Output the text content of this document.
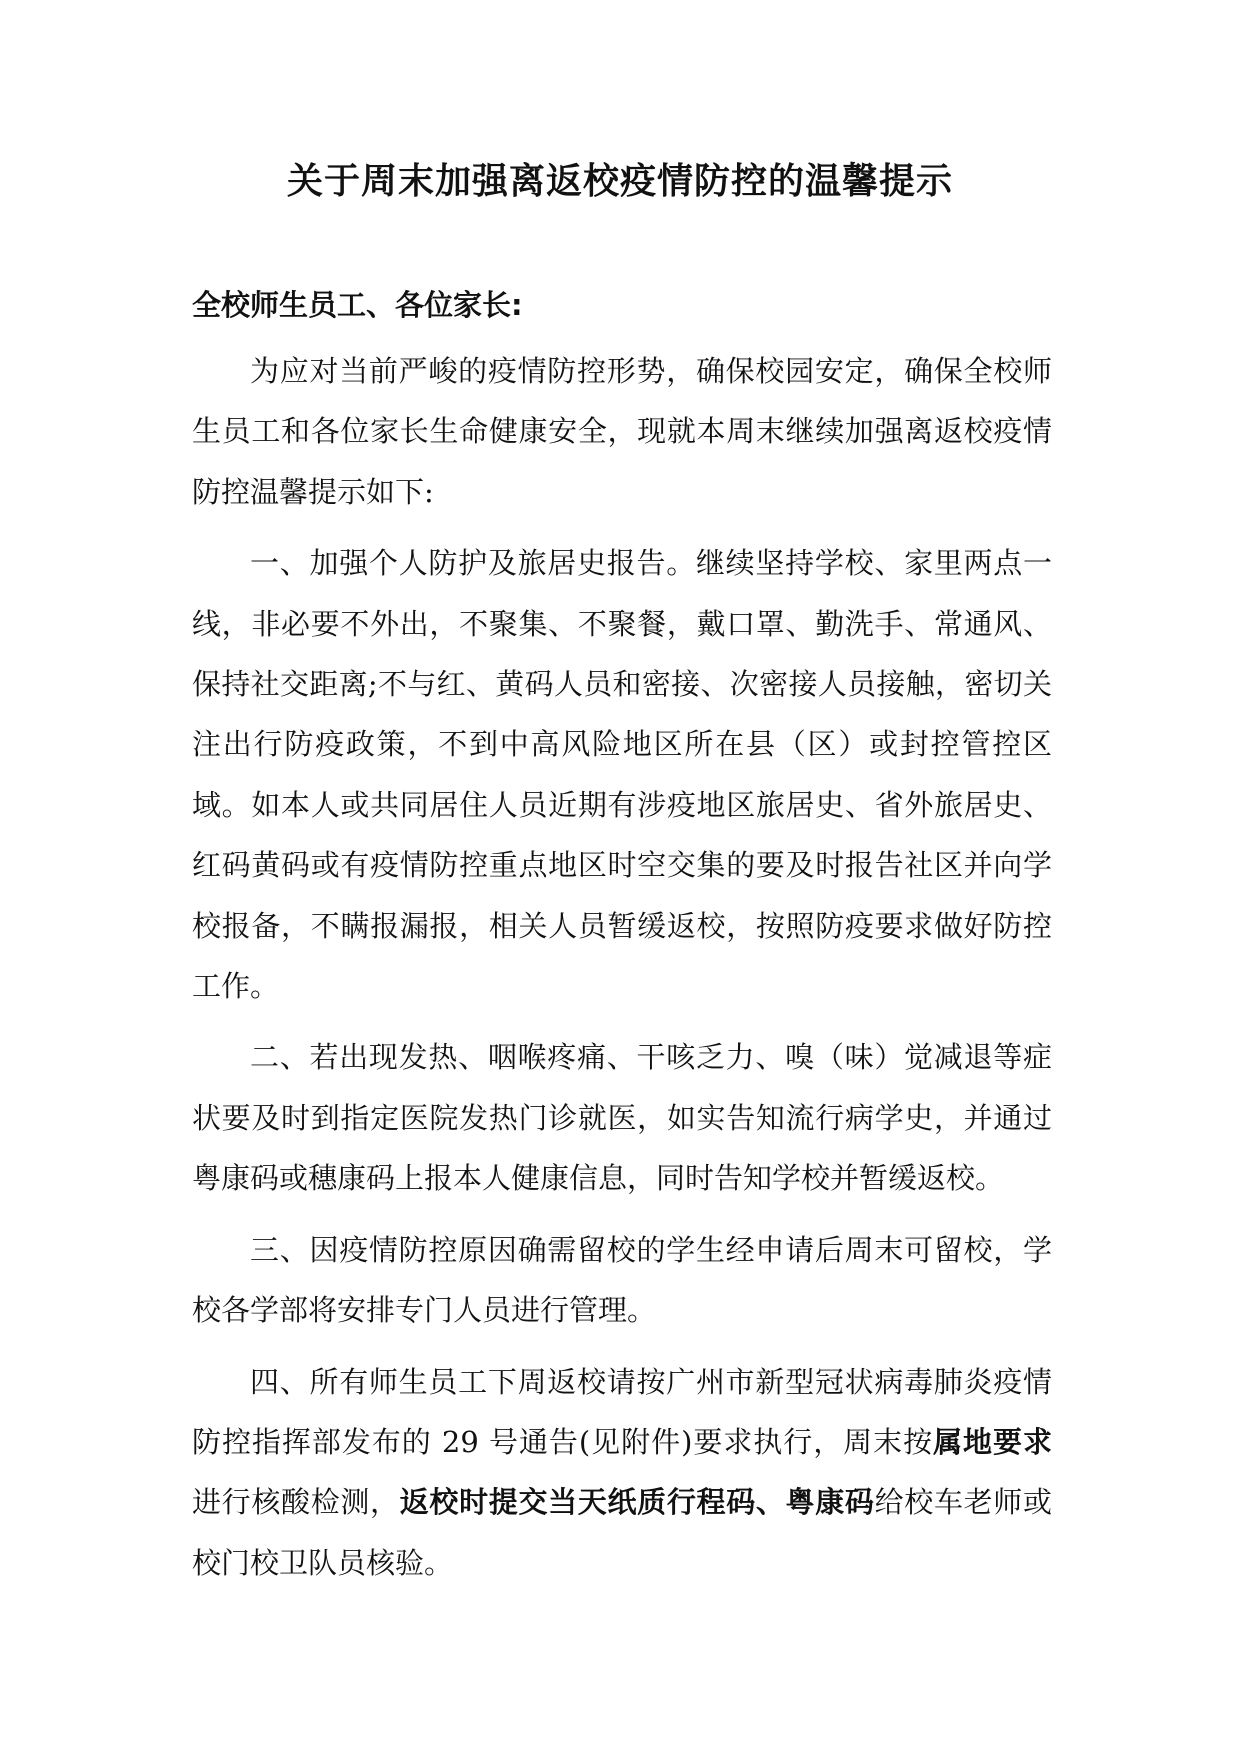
关于周末加强离返校疫情防控的温馨提示
全校师生员工、各位家长:

为应对当前严峻的疫情防控形势，确保校园安定，确保全校师生员工和各位家长生命健康安全，现就本周末继续加强离返校疫情防控温馨提示如下:

一、加强个人防护及旅居史报告。继续坚持学校、家里两点一线，非必要不外出，不聚集、不聚餐，戴口罩、勤洗手、常通风、保持社交距离;不与红、黄码人员和密接、次密接人员接触，密切关注出行防疫政策，不到中高风险地区所在县（区）或封控管控区域。如本人或共同居住人员近期有涉疫地区旅居史、省外旅居史、红码黄码或有疫情防控重点地区时空交集的要及时报告社区并向学校报备，不瞒报漏报，相关人员暂缓返校，按照防疫要求做好防控工作。

二、若出现发热、咽喉疼痛、干咳乏力、嗅（味）觉减退等症状要及时到指定医院发热门诊就医，如实告知流行病学史，并通过粤康码或穗康码上报本人健康信息，同时告知学校并暂缓返校。

三、因疫情防控原因确需留校的学生经申请后周末可留校，学校各学部将安排专门人员进行管理。

四、所有师生员工下周返校请按广州市新型冠状病毒肺炎疫情防控指挥部发布的 29 号通告(见附件)要求执行，周末按属地要求进行核酸检测，返校时提交当天纸质行程码、粤康码给校车老师或校门校卫队员核验。
